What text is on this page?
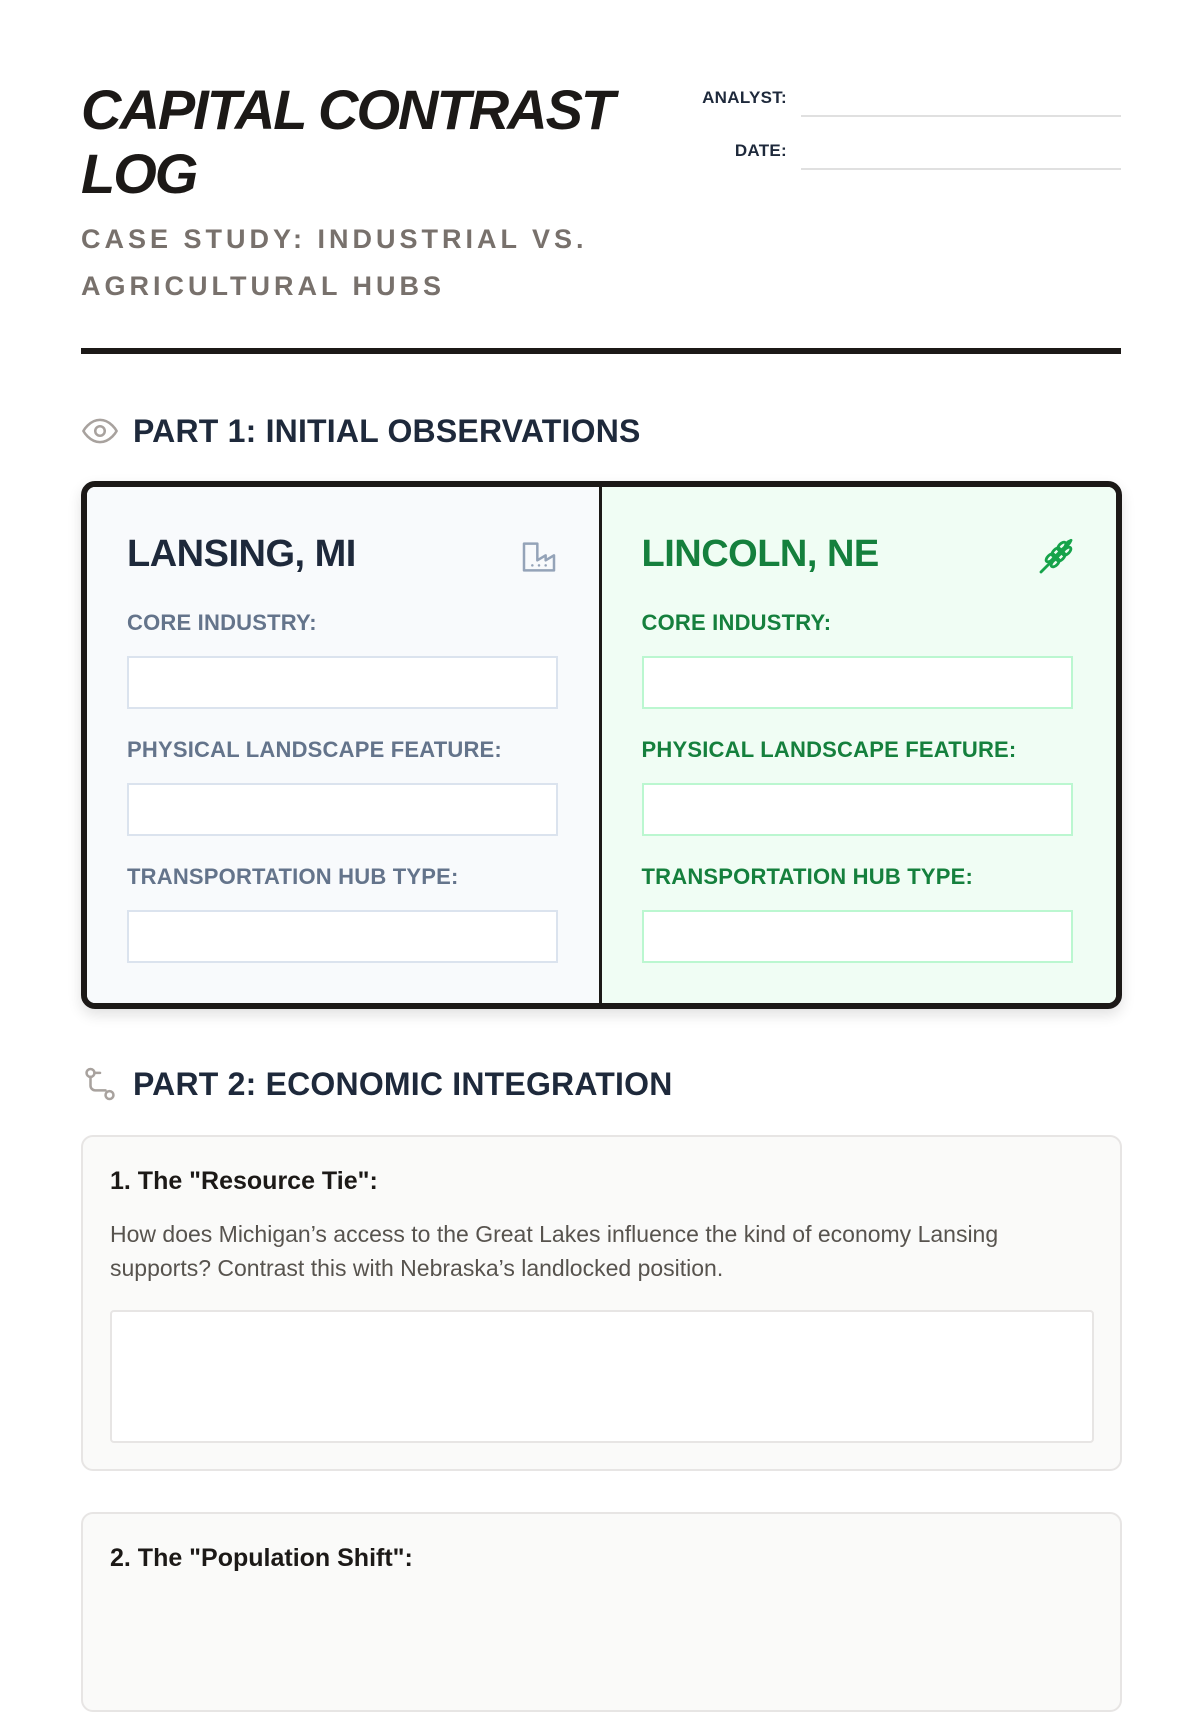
CAPITAL CONTRAST LOG
CASE STUDY: INDUSTRIAL VS. AGRICULTURAL HUBS
ANALYST:
DATE:
PART 1: INITIAL OBSERVATIONS
LANSING, MI
CORE INDUSTRY:
PHYSICAL LANDSCAPE FEATURE:
TRANSPORTATION HUB TYPE:
LINCOLN, NE
CORE INDUSTRY:
PHYSICAL LANDSCAPE FEATURE:
TRANSPORTATION HUB TYPE:
PART 2: ECONOMIC INTEGRATION
1. The "Resource Tie":
How does Michigan’s access to the Great Lakes influence the kind of economy Lansing supports? Contrast this with Nebraska’s landlocked position.
2. The "Population Shift":
